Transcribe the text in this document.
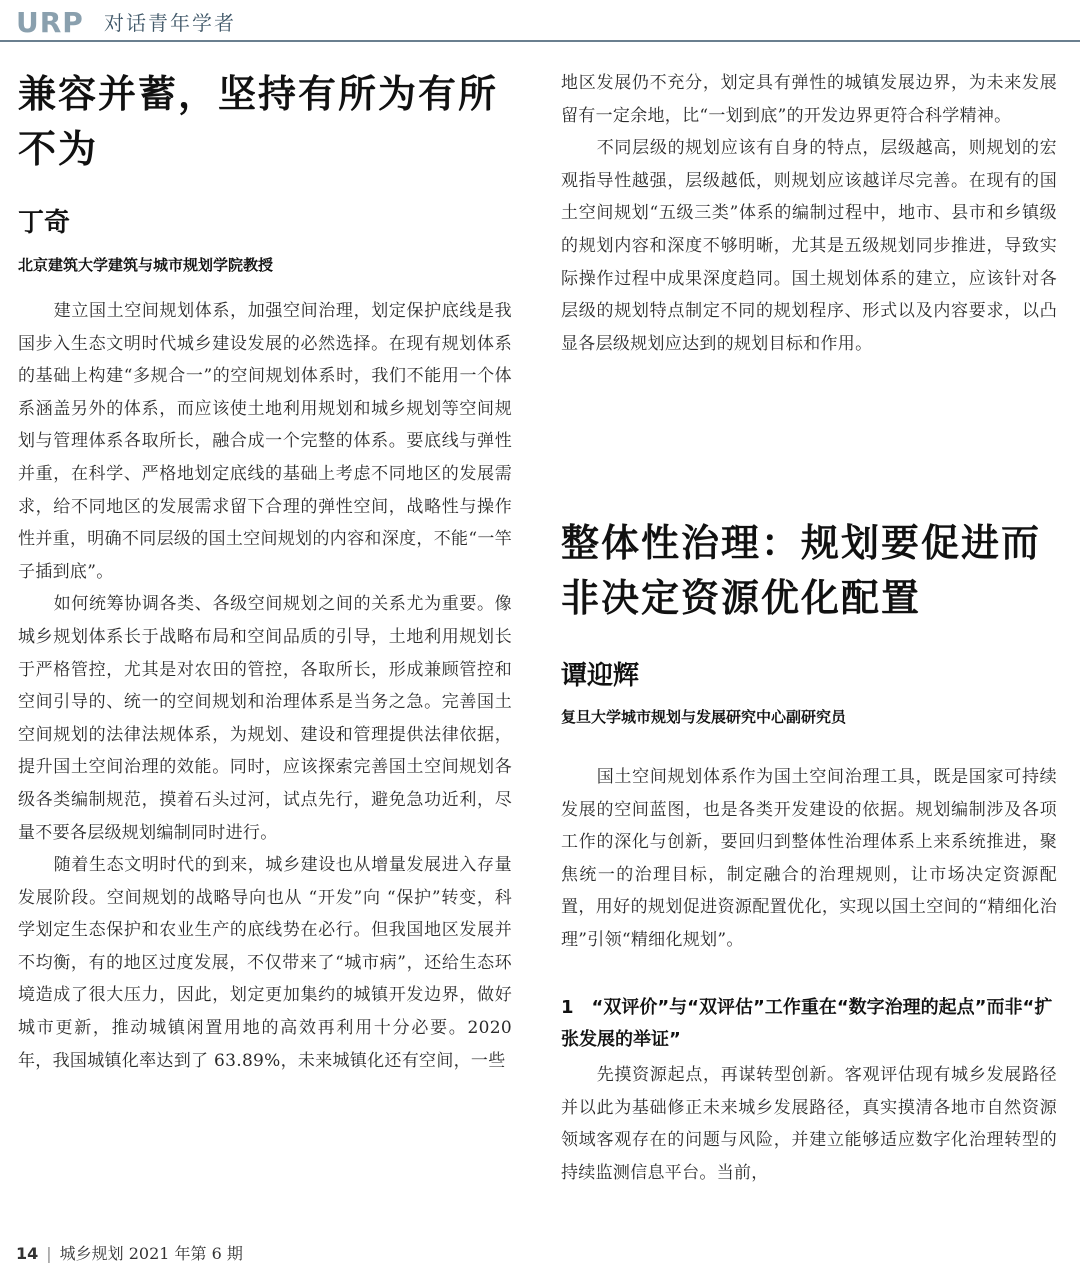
URP 对话青年学者
兼容并蓄，坚持有所为有所不为
丁奇
北京建筑大学建筑与城市规划学院教授

建立国土空间规划体系，加强空间治理，划定保护底线是我国步入生态文明时代城乡建设发展的必然选择。在现有规划体系的基础上构建“多规合一”的空间规划体系时，我们不能用一个体系涵盖另外的体系，而应该使土地利用规划和城乡规划等空间规划与管理体系各取所长，融合成一个完整的体系。要底线与弹性并重，在科学、严格地划定底线的基础上考虑不同地区的发展需求，给不同地区的发展需求留下合理的弹性空间，战略性与操作性并重，明确不同层级的国土空间规划的内容和深度，不能“一竿子插到底”。

如何统筹协调各类、各级空间规划之间的关系尤为重要。像城乡规划体系长于战略布局和空间品质的引导，土地利用规划长于严格管控，尤其是对农田的管控，各取所长，形成兼顾管控和空间引导的、统一的空间规划和治理体系是当务之急。完善国土空间规划的法律法规体系，为规划、建设和管理提供法律依据，提升国土空间治理的效能。同时，应该探索完善国土空间规划各级各类编制规范，摸着石头过河，试点先行，避免急功近利，尽量不要各层级规划编制同时进行。

随着生态文明时代的到来，城乡建设也从增量发展进入存量发展阶段。空间规划的战略导向也从 “开发”向 “保护”转变，科学划定生态保护和农业生产的底线势在必行。但我国地区发展并不均衡，有的地区过度发展，不仅带来了“城市病”，还给生态环境造成了很大压力，因此，划定更加集约的城镇开发边界，做好城市更新，推动城镇闲置用地的高效再利用十分必要。2020 年，我国城镇化率达到了 63.89%，未来城镇化还有空间，一些

地区发展仍不充分，划定具有弹性的城镇发展边界，为未来发展留有一定余地，比“一划到底”的开发边界更符合科学精神。

不同层级的规划应该有自身的特点，层级越高，则规划的宏观指导性越强，层级越低，则规划应该越详尽完善。在现有的国土空间规划“五级三类”体系的编制过程中，地市、县市和乡镇级的规划内容和深度不够明晰，尤其是五级规划同步推进，导致实际操作过程中成果深度趋同。国土规划体系的建立，应该针对各层级的规划特点制定不同的规划程序、形式以及内容要求，以凸显各层级规划应达到的规划目标和作用。

整体性治理：规划要促进而非决定资源优化配置
谭迎辉
复旦大学城市规划与发展研究中心副研究员

国土空间规划体系作为国土空间治理工具，既是国家可持续发展的空间蓝图，也是各类开发建设的依据。规划编制涉及各项工作的深化与创新，要回归到整体性治理体系上来系统推进，聚焦统一的治理目标，制定融合的治理规则，让市场决定资源配置，用好的规划促进资源配置优化，实现以国土空间的“精细化治理”引领“精细化规划”。

1　“双评价”与“双评估”工作重在“数字治理的起点”而非“扩张发展的举证”

先摸资源起点，再谋转型创新。客观评估现有城乡发展路径并以此为基础修正未来城乡发展路径，真实摸清各地市自然资源领域客观存在的问题与风险，并建立能够适应数字化治理转型的持续监测信息平台。当前，

14 | 城乡规划 2021 年第 6 期
